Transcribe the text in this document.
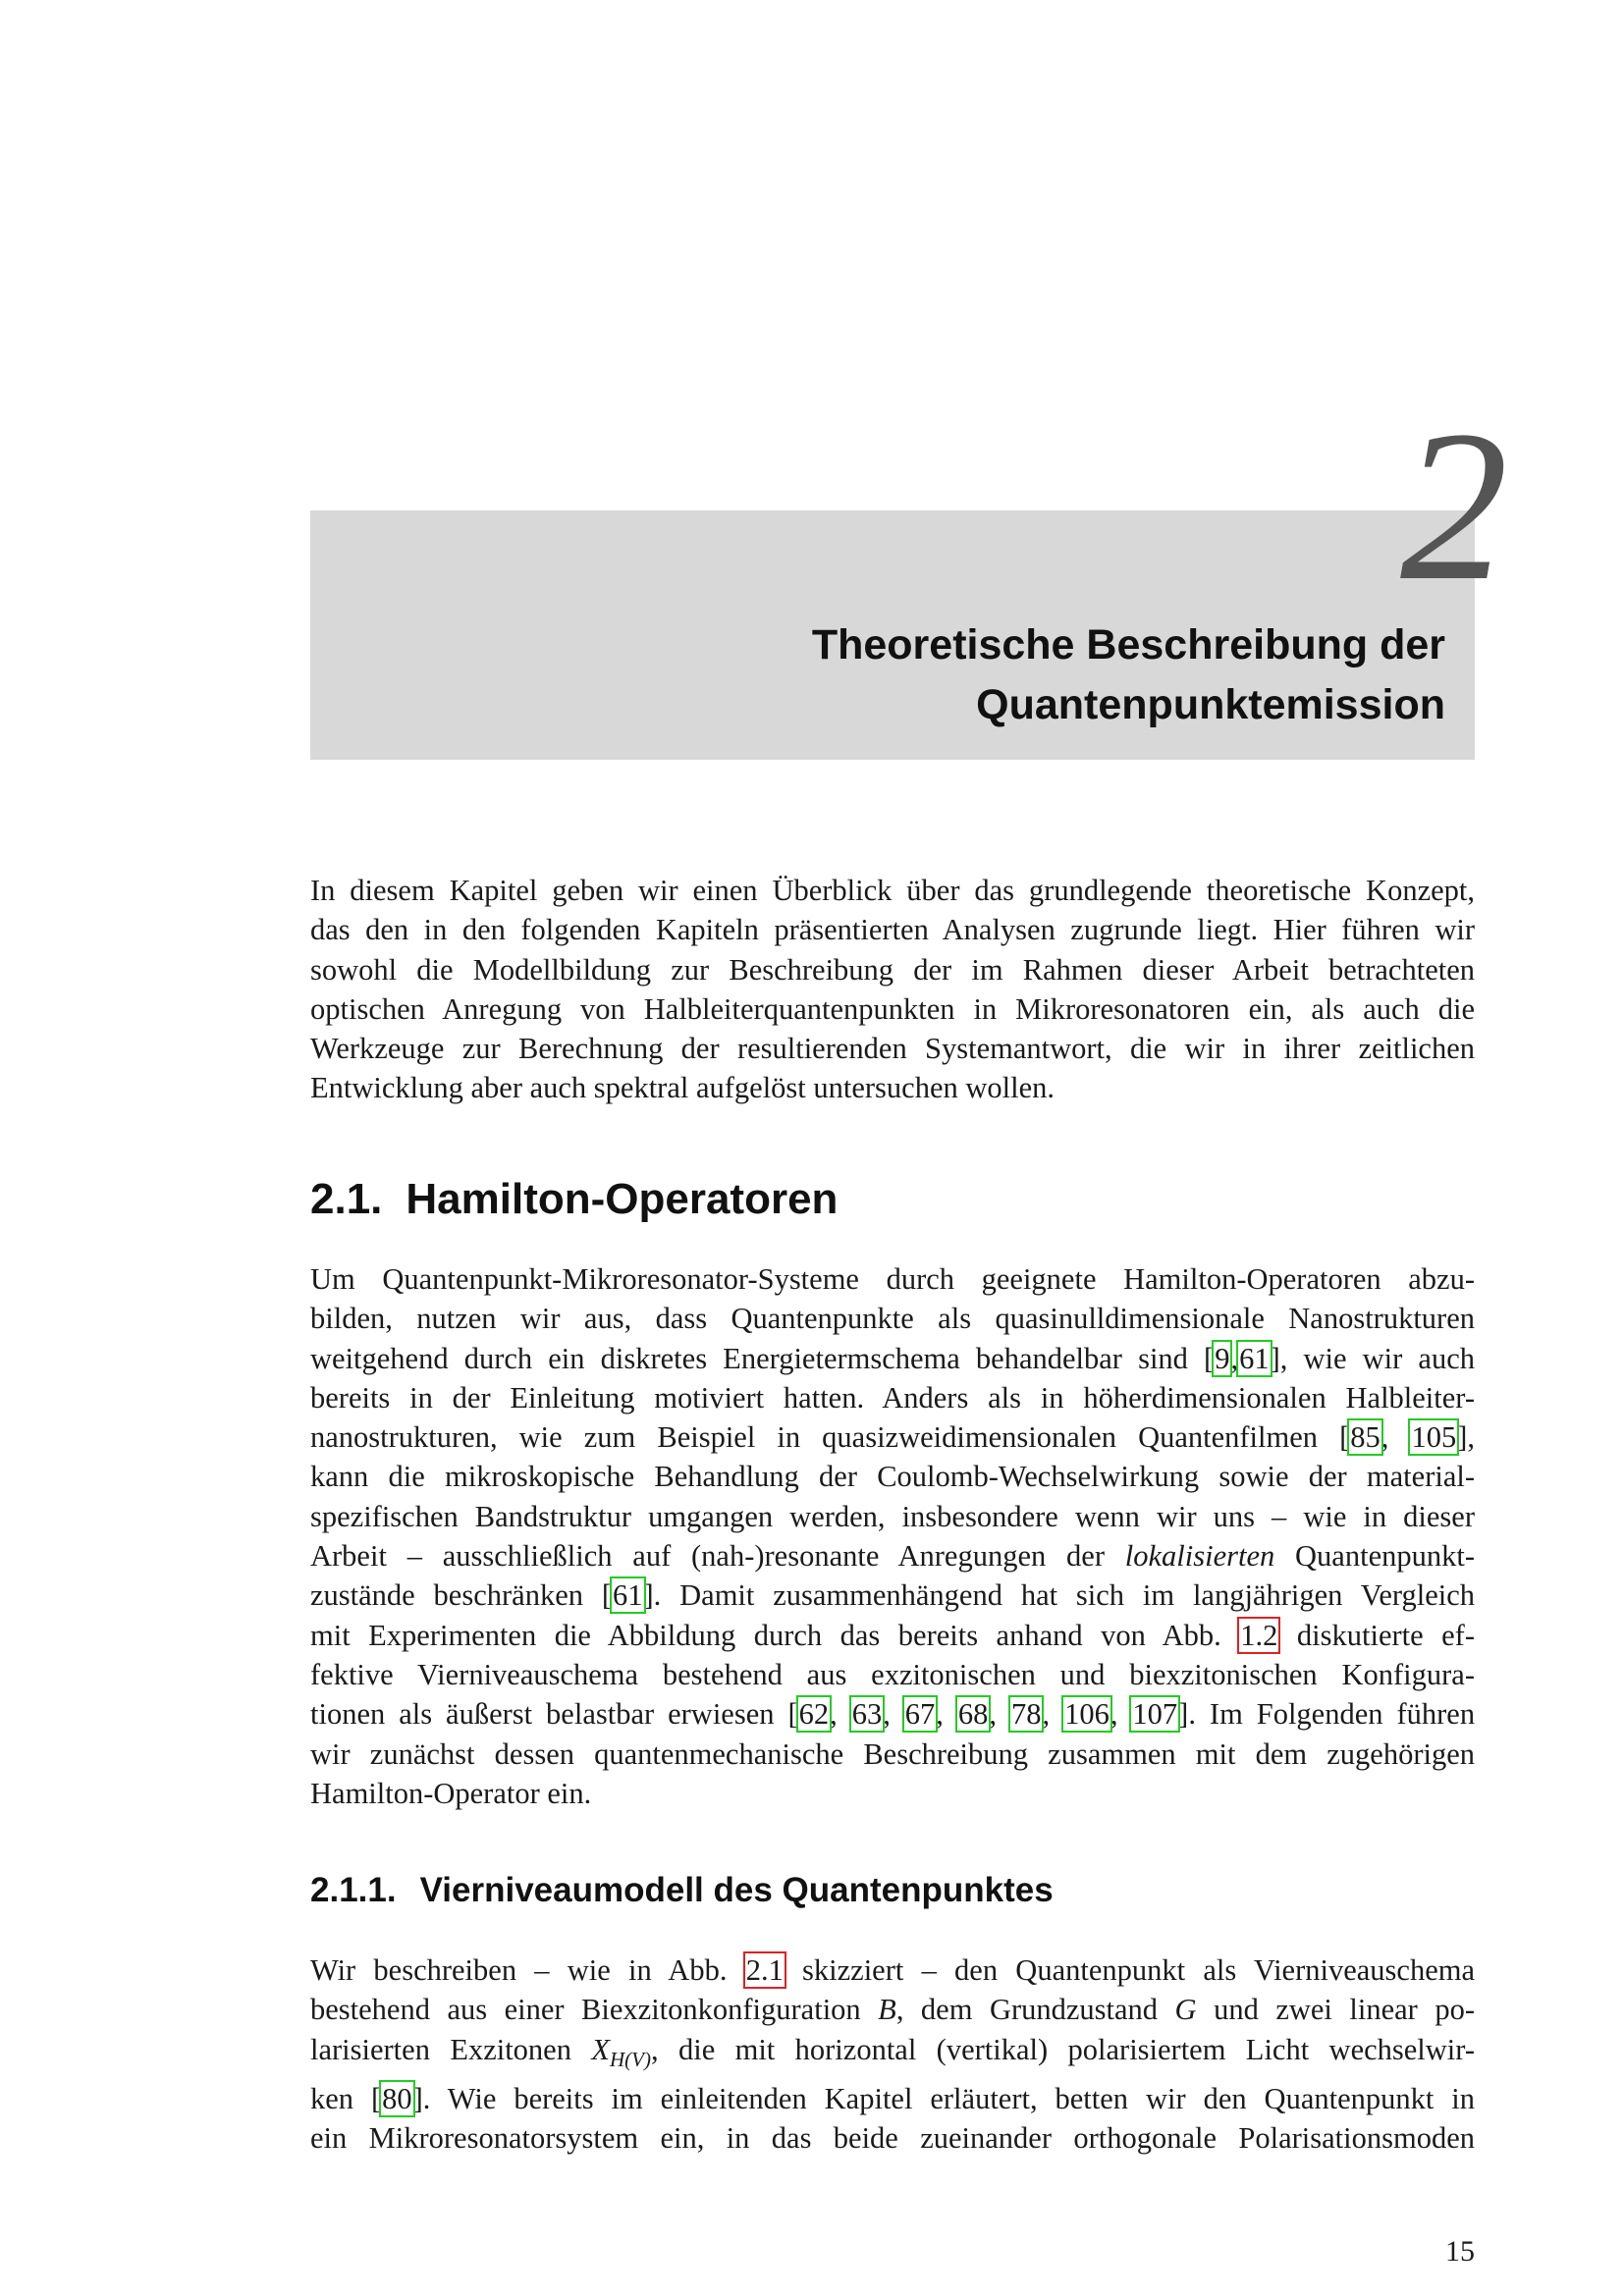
2
Theoretische Beschreibung der
Quantenpunktemission

In diesem Kapitel geben wir einen Überblick über das grundlegende theoretische Konzept,
das den in den folgenden Kapiteln präsentierten Analysen zugrunde liegt. Hier führen wir
sowohl die Modellbildung zur Beschreibung der im Rahmen dieser Arbeit betrachteten
optischen Anregung von Halbleiterquantenpunkten in Mikroresonatoren ein, als auch die
Werkzeuge zur Berechnung der resultierenden Systemantwort, die wir in ihrer zeitlichen
Entwicklung aber auch spektral aufgelöst untersuchen wollen.

2.1. Hamilton-Operatoren

Um Quantenpunkt-Mikroresonator-Systeme durch geeignete Hamilton-Operatoren abzu-
bilden, nutzen wir aus, dass Quantenpunkte als quasinulldimensionale Nanostrukturen
weitgehend durch ein diskretes Energietermschema behandelbar sind [9,61], wie wir auch
bereits in der Einleitung motiviert hatten. Anders als in höherdimensionalen Halbleiter-
nanostrukturen, wie zum Beispiel in quasizweidimensionalen Quantenfilmen [85, 105],
kann die mikroskopische Behandlung der Coulomb-Wechselwirkung sowie der material-
spezifischen Bandstruktur umgangen werden, insbesondere wenn wir uns – wie in dieser
Arbeit – ausschließlich auf (nah-)resonante Anregungen der lokalisierten Quantenpunkt-
zustände beschränken [61]. Damit zusammenhängend hat sich im langjährigen Vergleich
mit Experimenten die Abbildung durch das bereits anhand von Abb. 1.2 diskutierte ef-
fektive Vierniveauschema bestehend aus exzitonischen und biexzitonischen Konfigura-
tionen als äußerst belastbar erwiesen [62, 63, 67, 68, 78, 106, 107]. Im Folgenden führen
wir zunächst dessen quantenmechanische Beschreibung zusammen mit dem zugehörigen
Hamilton-Operator ein.

2.1.1. Vierniveaumodell des Quantenpunktes

Wir beschreiben – wie in Abb. 2.1 skizziert – den Quantenpunkt als Vierniveauschema
bestehend aus einer Biexzitonkonfiguration B, dem Grundzustand G und zwei linear po-
larisierten Exzitonen $X_{H(V)}$, die mit horizontal (vertikal) polarisiertem Licht wechselwir-
ken [80]. Wie bereits im einleitenden Kapitel erläutert, betten wir den Quantenpunkt in
ein Mikroresonatorsystem ein, in das beide zueinander orthogonale Polarisationsmoden

15
